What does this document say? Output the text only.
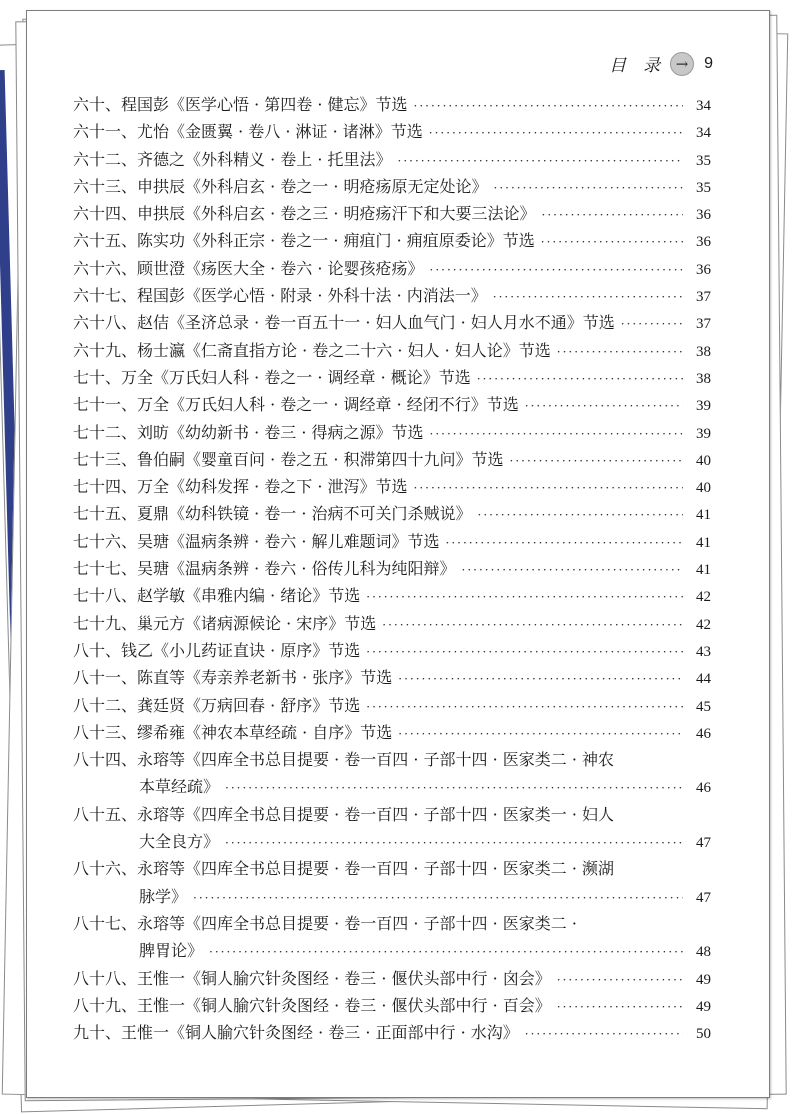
目　录	→ 9
六十、程国彭《医学心悟 · 第四卷 · 健忘》节选 ·····	34
六十一、尤怡《金匮翼 · 卷八 · 淋证 · 诸淋》节选 ·····	34
六十二、齐德之《外科精义 · 卷上 · 托里法》 ·····	35
六十三、申拱辰《外科启玄 · 卷之一 · 明疮疡原无定处论》 ·····	35
六十四、申拱辰《外科启玄 · 卷之三 · 明疮疡汗下和大要三法论》 ·····	36
六十五、陈实功《外科正宗 · 卷之一 · 痈疽门 · 痈疽原委论》节选 ·····	36
六十六、顾世澄《疡医大全 · 卷六 · 论婴孩疮疡》 ·····	36
六十七、程国彭《医学心悟 · 附录 · 外科十法 · 内消法一》 ·····	37
六十八、赵佶《圣济总录 · 卷一百五十一 · 妇人血气门 · 妇人月水不通》节选 ·····	37
六十九、杨士瀛《仁斋直指方论 · 卷之二十六 · 妇人 · 妇人论》节选 ·····	38
七十、万全《万氏妇人科 · 卷之一 · 调经章 · 概论》节选 ·····	38
七十一、万全《万氏妇人科 · 卷之一 · 调经章 · 经闭不行》节选 ·····	39
七十二、刘昉《幼幼新书 · 卷三 · 得病之源》节选 ·····	39
七十三、鲁伯嗣《婴童百问 · 卷之五 · 积滞第四十九问》节选 ·····	40
七十四、万全《幼科发挥 · 卷之下 · 泄泻》节选 ·····	40
七十五、夏鼎《幼科铁镜 · 卷一 · 治病不可关门杀贼说》 ·····	41
七十六、吴瑭《温病条辨 · 卷六 · 解儿难题词》节选 ·····	41
七十七、吴瑭《温病条辨 · 卷六 · 俗传儿科为纯阳辩》 ·····	41
七十八、赵学敏《串雅内编 · 绪论》节选 ·····	42
七十九、巢元方《诸病源候论 · 宋序》节选 ·····	42
八十、钱乙《小儿药证直诀 · 原序》节选 ·····	43
八十一、陈直等《寿亲养老新书 · 张序》节选 ·····	44
八十二、龚廷贤《万病回春 · 舒序》节选 ·····	45
八十三、缪希雍《神农本草经疏 · 自序》节选 ·····	46
八十四、永瑢等《四库全书总目提要 · 卷一百四 · 子部十四 · 医家类二 · 神农
本草经疏》 ·····	46
八十五、永瑢等《四库全书总目提要 · 卷一百四 · 子部十四 · 医家类一 · 妇人
大全良方》 ·····	47
八十六、永瑢等《四库全书总目提要 · 卷一百四 · 子部十四 · 医家类二 · 濒湖
脉学》 ·····	47
八十七、永瑢等《四库全书总目提要 · 卷一百四 · 子部十四 · 医家类二 ·
脾胃论》 ·····	48
八十八、王惟一《铜人腧穴针灸图经 · 卷三 · 偃伏头部中行 · 囟会》 ·····	49
八十九、王惟一《铜人腧穴针灸图经 · 卷三 · 偃伏头部中行 · 百会》 ·····	49
九十、王惟一《铜人腧穴针灸图经 · 卷三 · 正面部中行 · 水沟》 ·····	50
